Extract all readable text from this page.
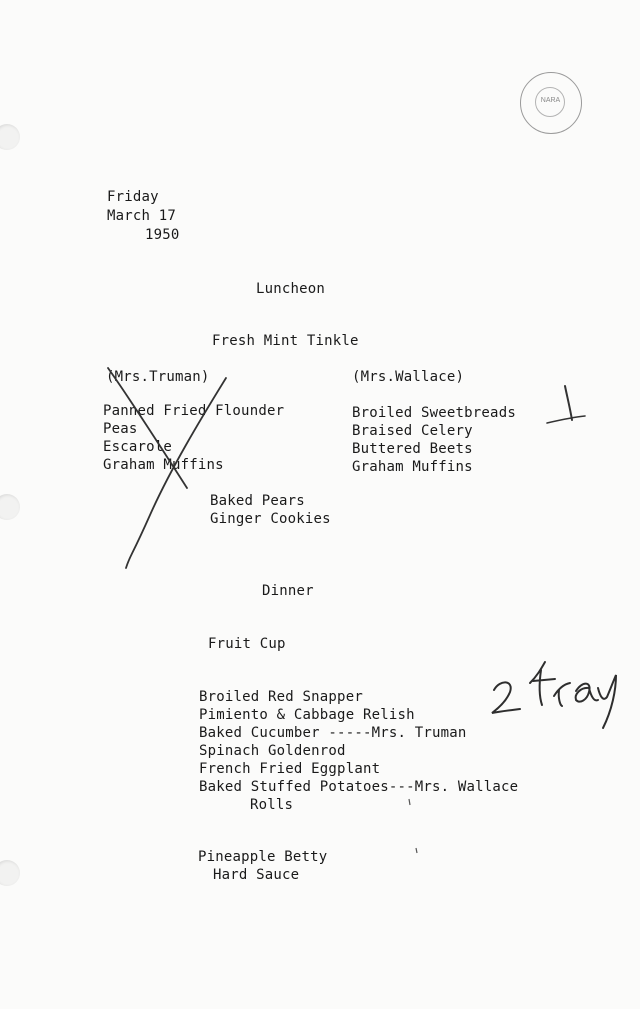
NARA
Friday
March 17
1950
Luncheon
Fresh Mint Tinkle
(Mrs.Truman)
Panned Fried Flounder
Peas
Escarole
Graham Muffins
(Mrs.Wallace)
Broiled Sweetbreads
Braised Celery
Buttered Beets
Graham Muffins
Baked Pears
Ginger Cookies
Dinner
Fruit Cup
Broiled Red Snapper
Pimiento & Cabbage Relish
Baked Cucumber -----Mrs. Truman
Spinach Goldenrod
French Fried Eggplant
Baked Stuffed Potatoes---Mrs. Wallace
Rolls
Pineapple Betty
Hard Sauce
